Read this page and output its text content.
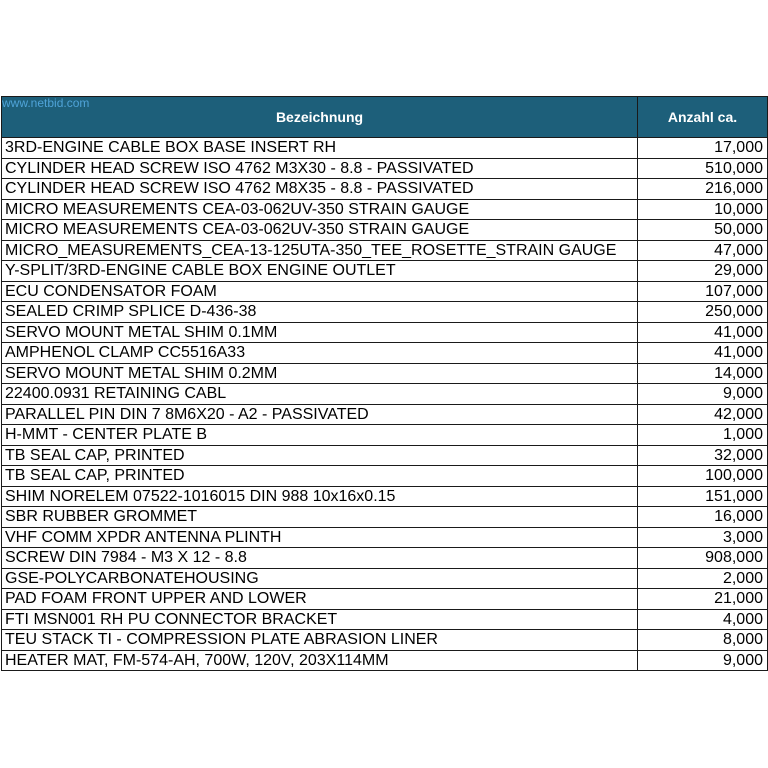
www.netbid.com
Bezeichnung	Anzahl ca.
3RD-ENGINE CABLE BOX BASE INSERT RH	17,000
CYLINDER HEAD SCREW ISO 4762 M3X30 - 8.8 - PASSIVATED	510,000
CYLINDER HEAD SCREW ISO 4762 M8X35 - 8.8 - PASSIVATED	216,000
MICRO MEASUREMENTS CEA-03-062UV-350 STRAIN GAUGE	10,000
MICRO MEASUREMENTS CEA-03-062UV-350 STRAIN GAUGE	50,000
MICRO_MEASUREMENTS_CEA-13-125UTA-350_TEE_ROSETTE_STRAIN GAUGE	47,000
Y-SPLIT/3RD-ENGINE CABLE BOX ENGINE OUTLET	29,000
ECU CONDENSATOR FOAM	107,000
SEALED CRIMP SPLICE D-436-38	250,000
SERVO MOUNT METAL SHIM 0.1MM	41,000
AMPHENOL CLAMP CC5516A33	41,000
SERVO MOUNT METAL SHIM 0.2MM	14,000
22400.0931 RETAINING CABL	9,000
PARALLEL PIN DIN 7 8M6X20 - A2 - PASSIVATED	42,000
H-MMT - CENTER PLATE B	1,000
TB SEAL CAP, PRINTED	32,000
TB SEAL CAP, PRINTED	100,000
SHIM NORELEM 07522-1016015 DIN 988 10x16x0.15	151,000
SBR RUBBER GROMMET	16,000
VHF COMM XPDR ANTENNA PLINTH	3,000
SCREW DIN 7984 - M3 X 12 - 8.8	908,000
GSE-POLYCARBONATEHOUSING	2,000
PAD FOAM FRONT UPPER AND LOWER	21,000
FTI MSN001 RH PU CONNECTOR BRACKET	4,000
TEU STACK TI - COMPRESSION PLATE ABRASION LINER	8,000
HEATER MAT, FM-574-AH, 700W, 120V, 203X114MM	9,000
